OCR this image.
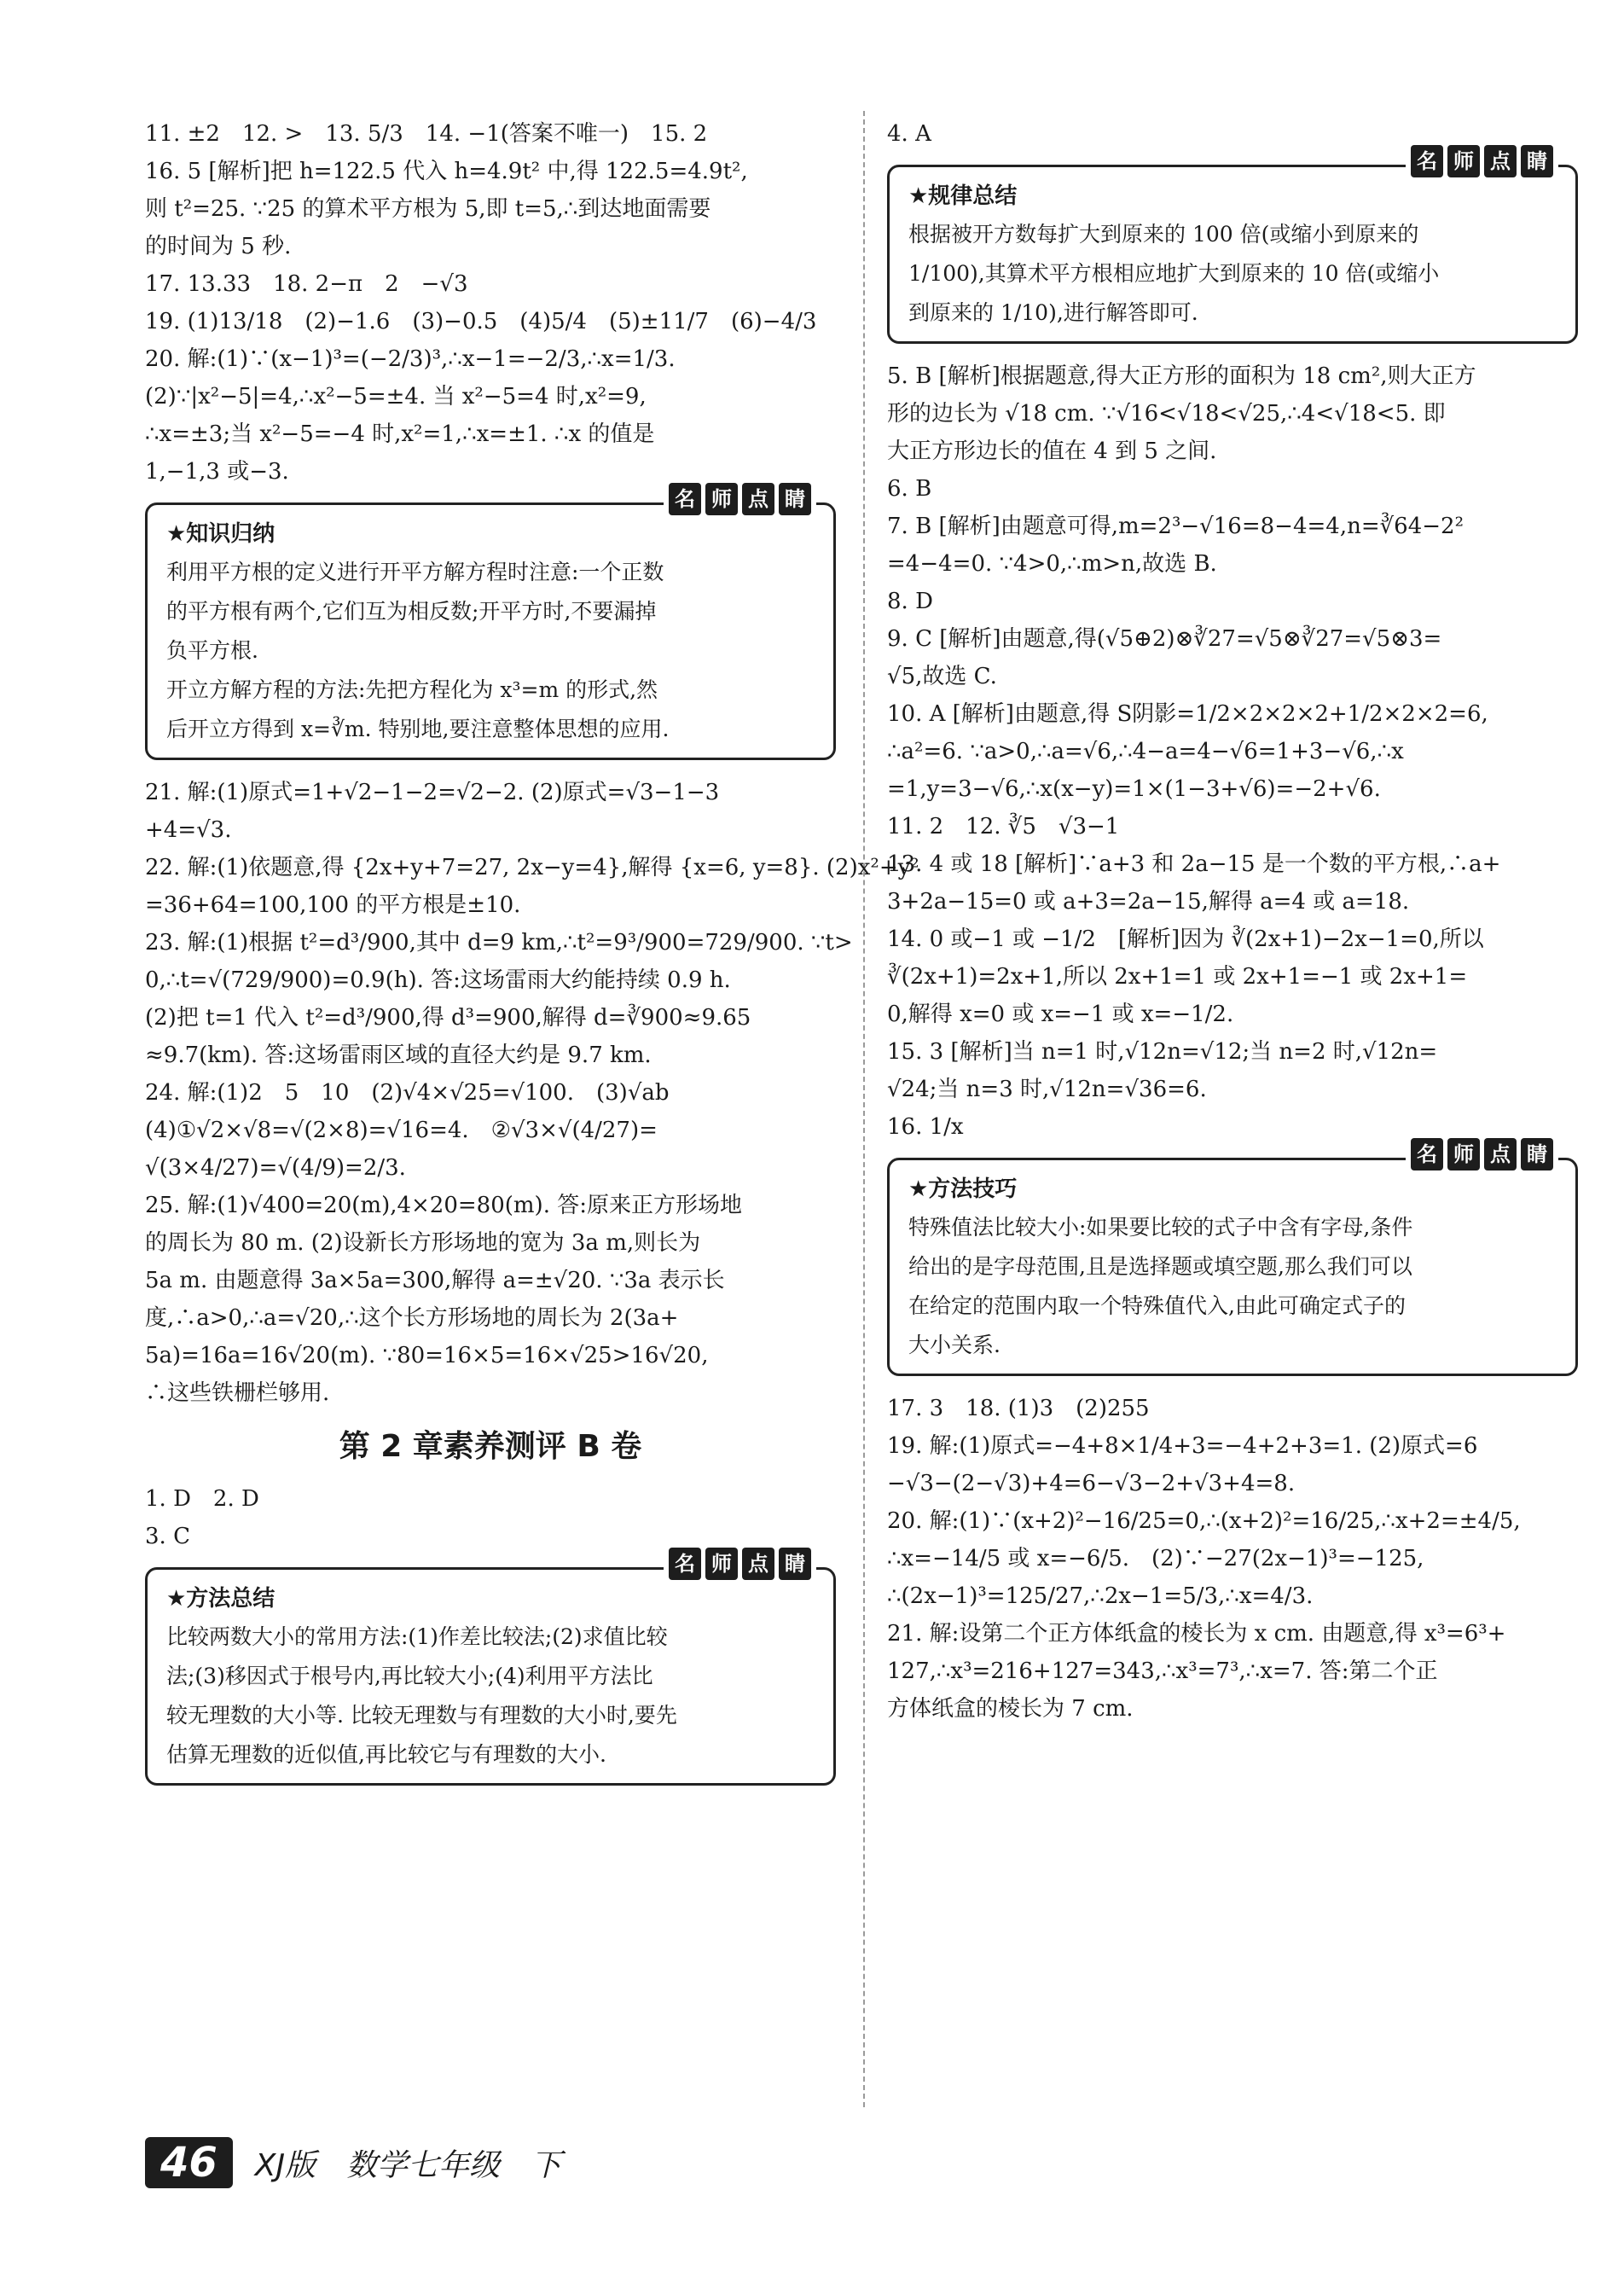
11. ±2　12. >　13. 5/3　14. −1(答案不唯一)　15. 2

16. 5 [解析]把 h=122.5 代入 h=4.9t² 中,得 122.5=4.9t²,

则 t²=25. ∵25 的算术平方根为 5,即 t=5,∴到达地面需要

的时间为 5 秒.

17. 13.33　18. 2−π　2　−√3

19. (1)13/18　(2)−1.6　(3)−0.5　(4)5/4　(5)±11/7　(6)−4/3

20. 解:(1)∵(x−1)³=(−2/3)³,∴x−1=−2/3,∴x=1/3.

(2)∵|x²−5|=4,∴x²−5=±4. 当 x²−5=4 时,x²=9,

∴x=±3;当 x²−5=−4 时,x²=1,∴x=±1. ∴x 的值是

1,−1,3 或−3.

名 师 点 睛
★知识归纳

利用平方根的定义进行开平方解方程时注意:一个正数

的平方根有两个,它们互为相反数;开平方时,不要漏掉

负平方根.

开立方解方程的方法:先把方程化为 x³=m 的形式,然

后开立方得到 x=∛m. 特别地,要注意整体思想的应用.

21. 解:(1)原式=1+√2−1−2=√2−2. (2)原式=√3−1−3

+4=√3.

22. 解:(1)依题意,得 {2x+y+7=27, 2x−y=4},解得 {x=6, y=8}. (2)x²+y²

=36+64=100,100 的平方根是±10.

23. 解:(1)根据 t²=d³/900,其中 d=9 km,∴t²=9³/900=729/900. ∵t>

0,∴t=√(729/900)=0.9(h). 答:这场雷雨大约能持续 0.9 h.

(2)把 t=1 代入 t²=d³/900,得 d³=900,解得 d=∛900≈9.65

≈9.7(km). 答:这场雷雨区域的直径大约是 9.7 km.

24. 解:(1)2　5　10　(2)√4×√25=√100.　(3)√ab

(4)①√2×√8=√(2×8)=√16=4.　②√3×√(4/27)=

√(3×4/27)=√(4/9)=2/3.

25. 解:(1)√400=20(m),4×20=80(m). 答:原来正方形场地

的周长为 80 m. (2)设新长方形场地的宽为 3a m,则长为

5a m. 由题意得 3a×5a=300,解得 a=±√20. ∵3a 表示长

度,∴a>0,∴a=√20,∴这个长方形场地的周长为 2(3a+

5a)=16a=16√20(m). ∵80=16×5=16×√25>16√20,

∴这些铁栅栏够用.

第 2 章素养测评 B 卷

1. D　2. D

3. C

名 师 点 睛
★方法总结

比较两数大小的常用方法:(1)作差比较法;(2)求值比较

法;(3)移因式于根号内,再比较大小;(4)利用平方法比

较无理数的大小等. 比较无理数与有理数的大小时,要先

估算无理数的近似值,再比较它与有理数的大小.

4. A

名 师 点 睛
★规律总结

根据被开方数每扩大到原来的 100 倍(或缩小到原来的

1/100),其算术平方根相应地扩大到原来的 10 倍(或缩小

到原来的 1/10),进行解答即可.

5. B [解析]根据题意,得大正方形的面积为 18 cm²,则大正方

形的边长为 √18 cm. ∵√16<√18<√25,∴4<√18<5. 即

大正方形边长的值在 4 到 5 之间.

6. B

7. B [解析]由题意可得,m=2³−√16=8−4=4,n=∛64−2²

=4−4=0. ∵4>0,∴m>n,故选 B.

8. D

9. C [解析]由题意,得(√5⊕2)⊗∛27=√5⊗∛27=√5⊗3=

√5,故选 C.

10. A [解析]由题意,得 S阴影=1/2×2×2×2+1/2×2×2=6,

∴a²=6. ∵a>0,∴a=√6,∴4−a=4−√6=1+3−√6,∴x

=1,y=3−√6,∴x(x−y)=1×(1−3+√6)=−2+√6.

11. 2　12. ∛5　√3−1

13. 4 或 18 [解析]∵a+3 和 2a−15 是一个数的平方根,∴a+

3+2a−15=0 或 a+3=2a−15,解得 a=4 或 a=18.

14. 0 或−1 或 −1/2　[解析]因为 ∛(2x+1)−2x−1=0,所以

∛(2x+1)=2x+1,所以 2x+1=1 或 2x+1=−1 或 2x+1=

0,解得 x=0 或 x=−1 或 x=−1/2.

15. 3 [解析]当 n=1 时,√12n=√12;当 n=2 时,√12n=

√24;当 n=3 时,√12n=√36=6.

16. 1/x

名 师 点 睛
★方法技巧

特殊值法比较大小:如果要比较的式子中含有字母,条件

给出的是字母范围,且是选择题或填空题,那么我们可以

在给定的范围内取一个特殊值代入,由此可确定式子的

大小关系.

17. 3　18. (1)3　(2)255

19. 解:(1)原式=−4+8×1/4+3=−4+2+3=1. (2)原式=6

−√3−(2−√3)+4=6−√3−2+√3+4=8.

20. 解:(1)∵(x+2)²−16/25=0,∴(x+2)²=16/25,∴x+2=±4/5,

∴x=−14/5 或 x=−6/5.　(2)∵−27(2x−1)³=−125,

∴(2x−1)³=125/27,∴2x−1=5/3,∴x=4/3.

21. 解:设第二个正方体纸盒的棱长为 x cm. 由题意,得 x³=6³+

127,∴x³=216+127=343,∴x³=7³,∴x=7. 答:第二个正

方体纸盒的棱长为 7 cm.

46	XJ版　数学七年级　下
